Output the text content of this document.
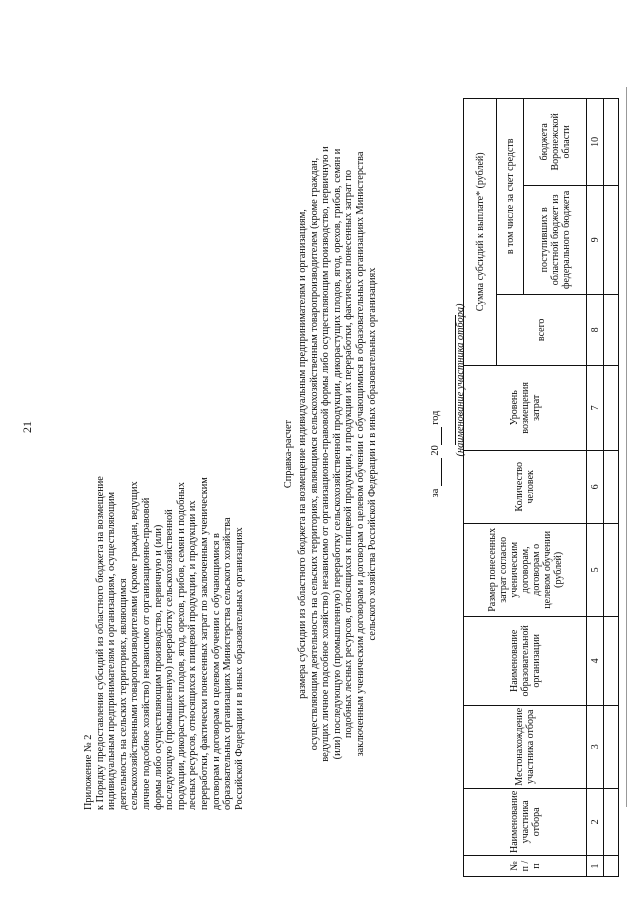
21
Приложение № 2 к Порядку предоставления субсидий из областного бюджета на возмещение индивидуальным предпринимателям и организациям, осуществляющим деятельность на сельских территориях, являющимся сельскохозяйственными товаропроизводителями (кроме граждан, ведущих личное подсобное хозяйство) независимо от организационно-правовой формы либо осуществляющим производство, первичную и (или) последующую (промышленную) переработку сельскохозяйственной продукции, дикорастущих плодов, ягод, орехов, грибов, семян и подобных лесных ресурсов, относящихся к пищевой продукции, и продукции их переработки, фактически понесенных затрат по заключенным ученическим договорам и договорам о целевом обучении с обучающимися в образовательных организациях Министерства сельского хозяйства Российской Федерации и в иных образовательных организациях
Справка-расчет размера субсидии из областного бюджета на возмещение индивидуальным предпринимателям и организациям, осуществляющим деятельность на сельских территориях, являющимся сельскохозяйственным товаропроизводителем (кроме граждан, ведущих личное подсобное хозяйство) независимо от организационно-правовой формы либо осуществляющим производство, первичную и (или) последующую (промышленную) переработку сельскохозяйственной продукции, дикорастущих плодов, ягод, орехов, грибов, семян и подобных лесных ресурсов, относящихся к пищевой продукции, и продукции их переработки, фактически понесенных затрат по заключенным ученическим договорам и договорам о целевом обучении с обучающимися в образовательных организациях Министерства сельского хозяйства Российской Федерации и в иных образовательных организациях	за  20 год (наименование участника отбора)
№ п / п	Наименование участника отбора	Местонахождение участника отбора	Наименование образовательной организации	Размер понесенных затрат согласно ученическим договорам, договорам о целевом обучении (рублей)	Количество человек	Уровень возмещения затрат	Сумма субсидий к выплате* (рублей)		
							всего	в том числе за счет средств	
								поступивших в областной бюджет из федерального бюджета	бюджета Воронежской области
1	2	3	4	5	6	7	8	9	10
